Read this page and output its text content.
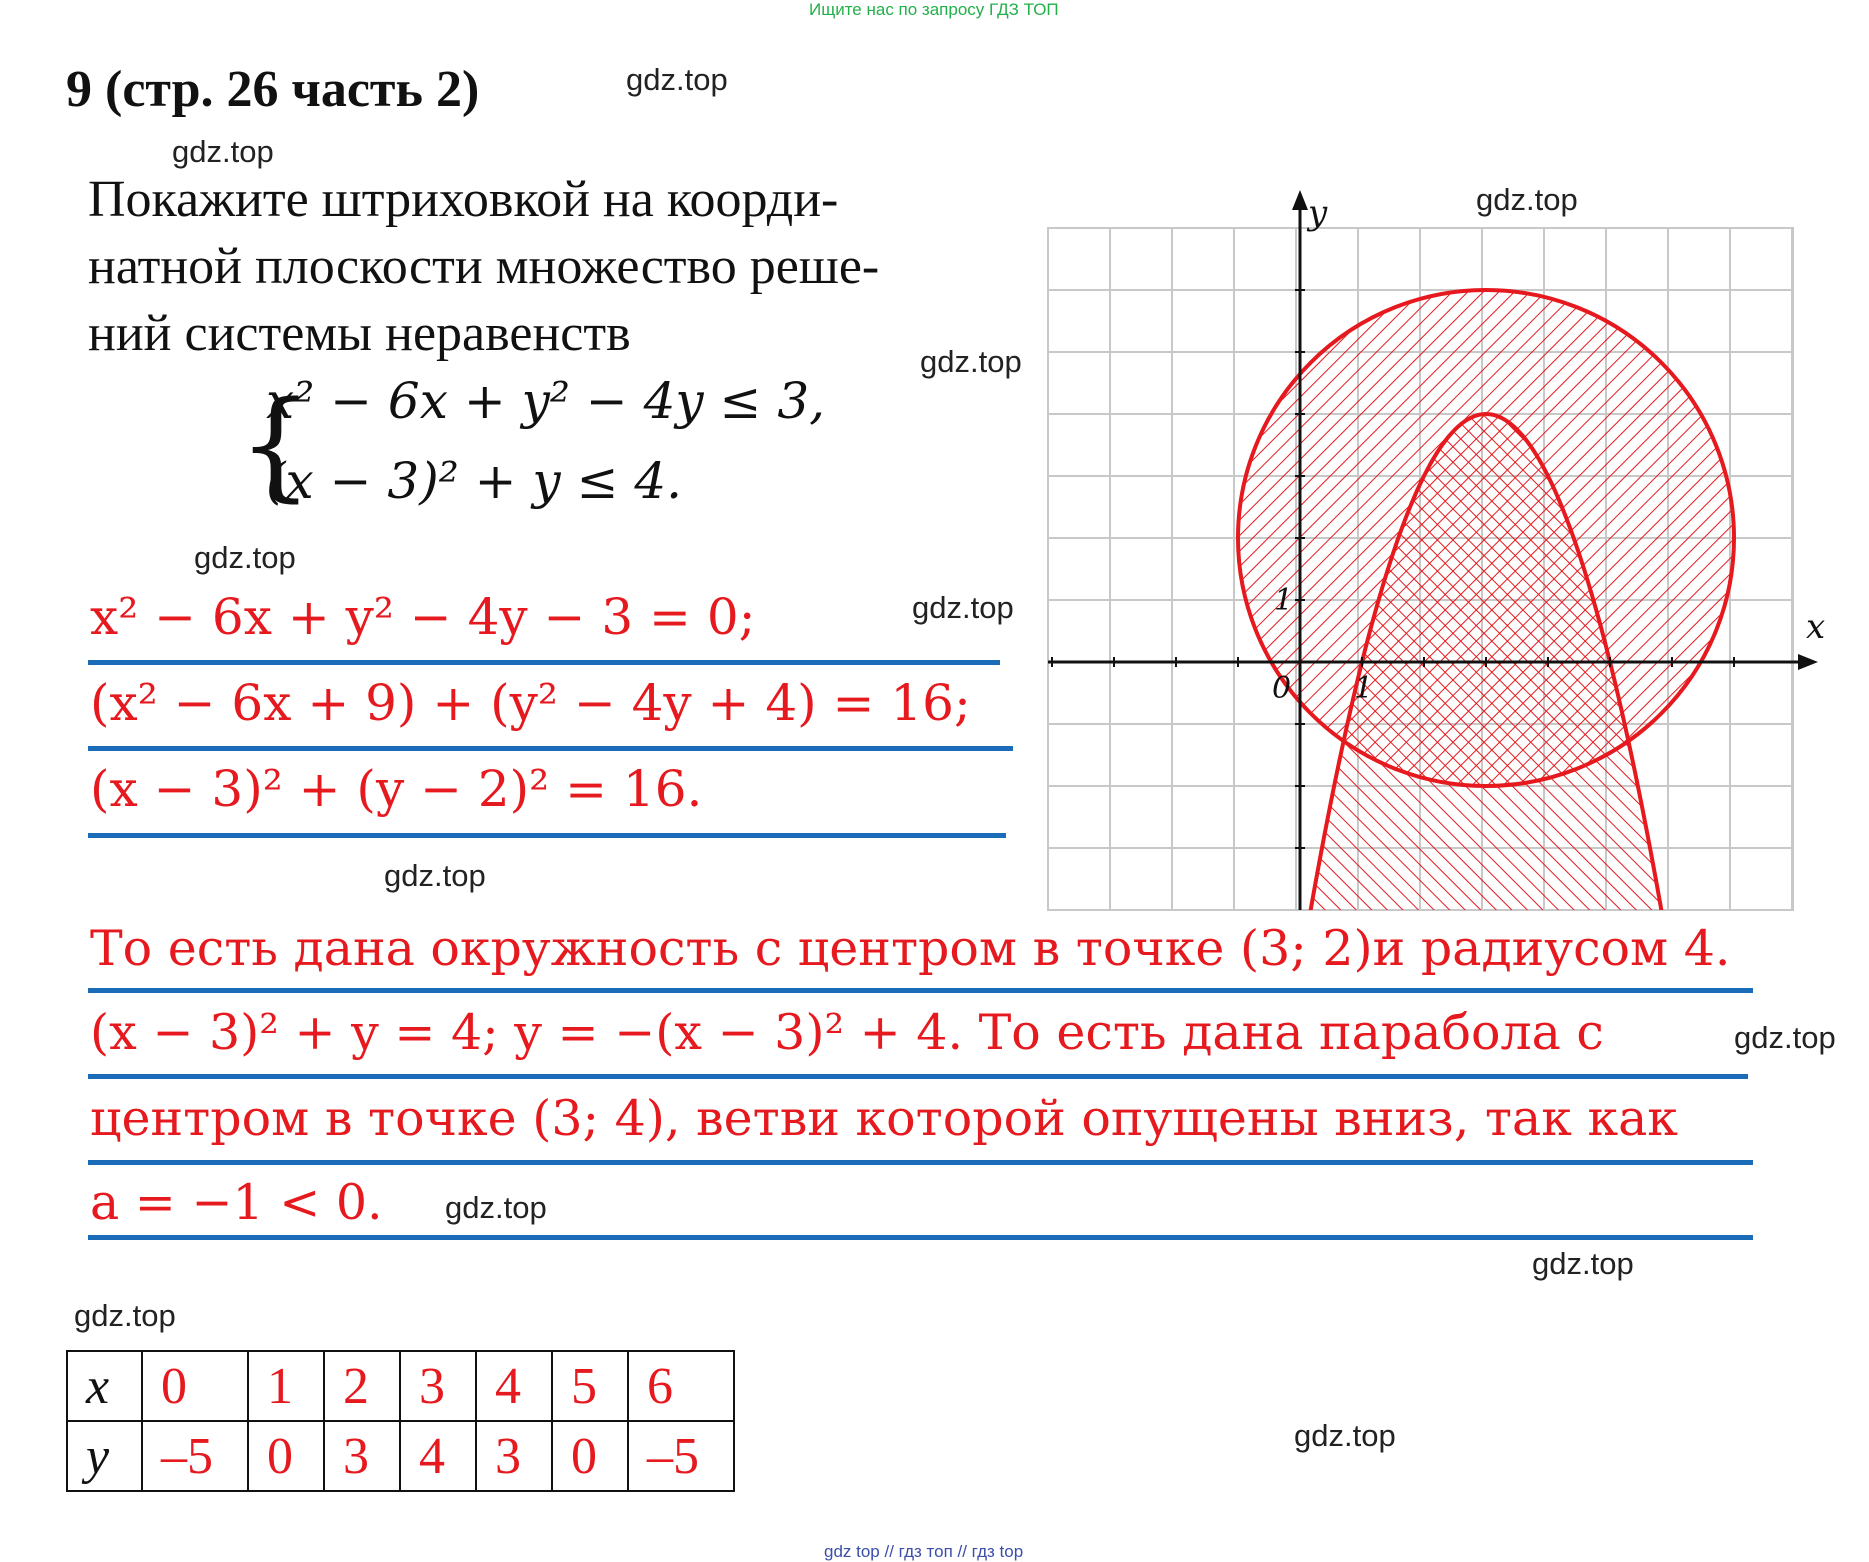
Ищите нас по запросу ГДЗ ТОП
9 (стр. 26 часть 2)
Покажите штриховкой на коорди-
натной плоскости множество реше-
ний системы неравенств
{
x² − 6x + y² − 4y ≤ 3,
(x − 3)² + y ≤ 4.
x² − 6x + y² − 4y − 3 = 0;
(x² − 6x + 9) + (y² − 4y + 4) = 16;
(x − 3)² + (y − 2)² = 16.
То есть дана окружность с центром в точке (3; 2)и радиусом 4.
(x − 3)² + y = 4; y = −(x − 3)² + 4. То есть дана парабола с
центром в точке (3; 4), ветви которой опущены вниз, так как
a = −1 < 0.
x
y
0 1
1
x	0	1	2	3	4	5	6
y	–5	0	3	4	3	0	–5
gdz.top
gdz.top
gdz.top
gdz.top
gdz.top
gdz.top
gdz.top
gdz.top
gdz.top
gdz.top
gdz.top
gdz.top
gdz top // гдз топ // гдз top
